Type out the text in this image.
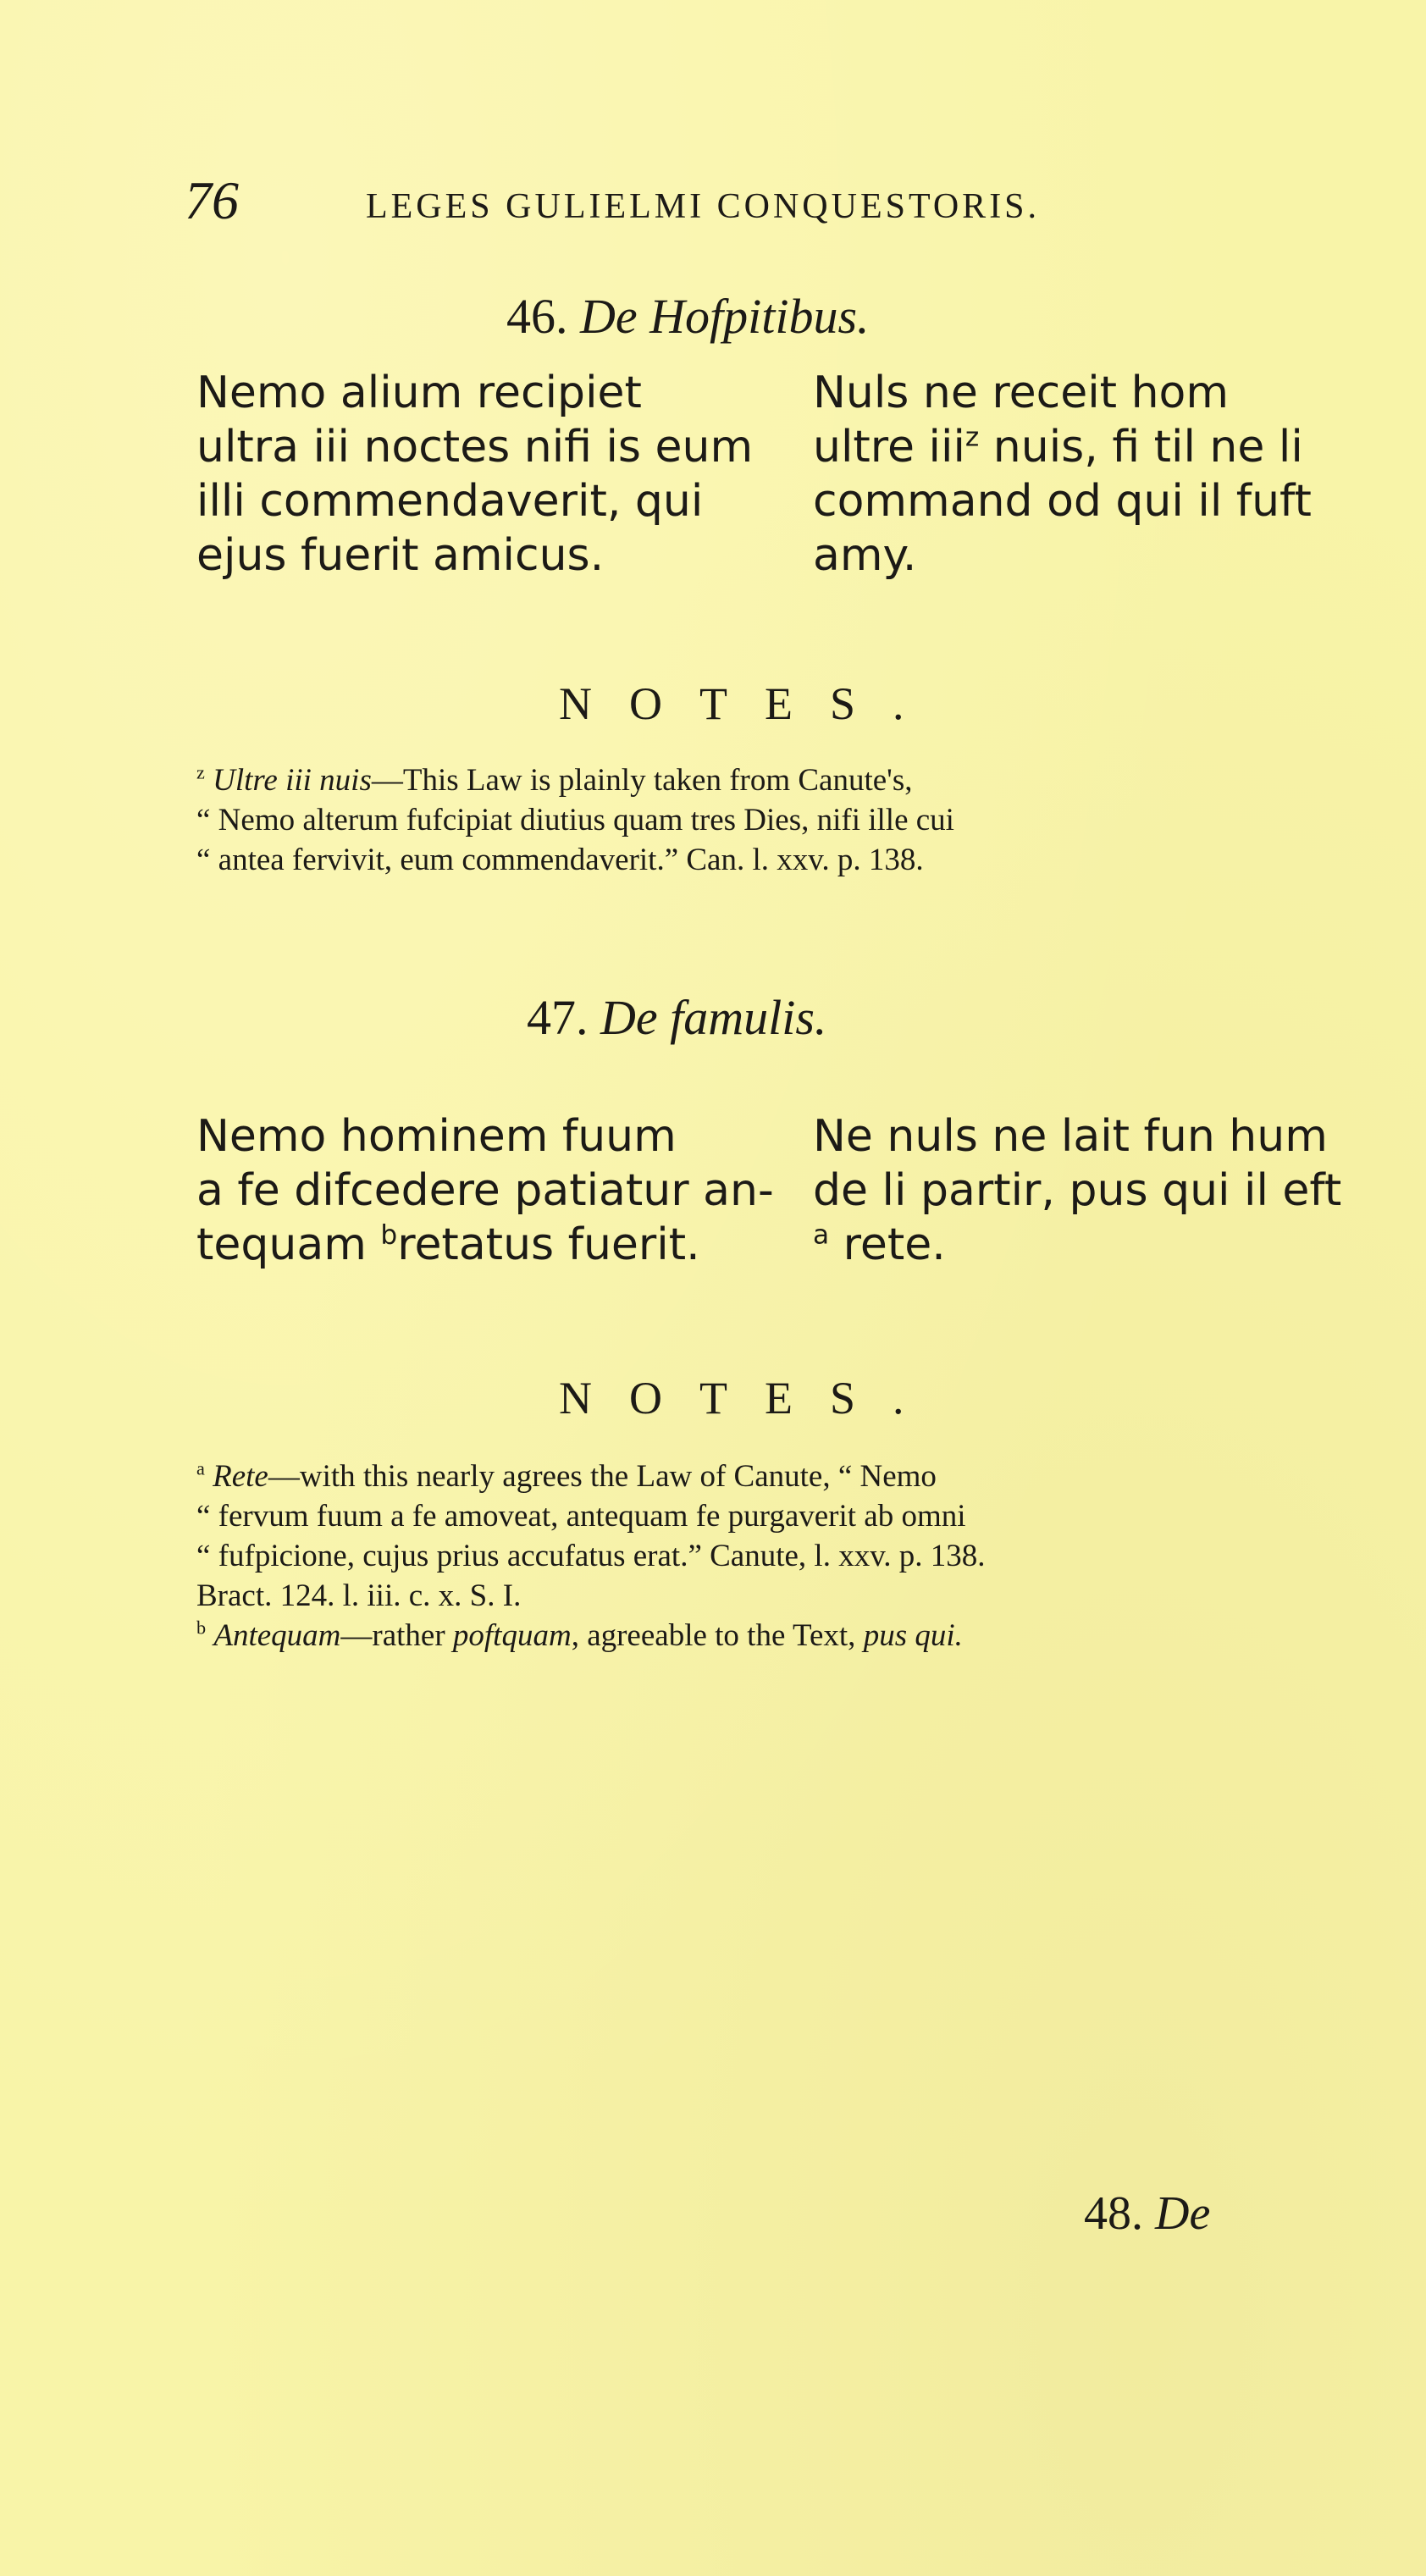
76	LEGES GULIELMI CONQUESTORIS.
46. De Hofpitibus.
Nemo alium recipiet
ultra iii noctes nifi is eum
illi commendaverit, qui
ejus fuerit amicus.
Nuls ne receit hom
ultre iii$^z$ nuis, fi til ne li
command od qui il fuft
amy.
NOTES.
$^z$ Ultre iii nuis—This Law is plainly taken from Canute's,
“ Nemo alterum fufcipiat diutius quam tres Dies, nifi ille cui
“ antea fervivit, eum commendaverit.” Can. l. xxv. p. 138.
47. De famulis.
Nemo hominem fuum
a fe difcedere patiatur an-
tequam $^b$retatus fuerit.
Ne nuls ne lait fun hum
de li partir, pus qui il eft
$^a$ rete.
NOTES.
$^a$ Rete—with this nearly agrees the Law of Canute, “ Nemo
“ fervum fuum a fe amoveat, antequam fe purgaverit ab omni
“ fufpicione, cujus prius accufatus erat.” Canute, l. xxv. p. 138.
Bract. 124. l. iii. c. x. S. I.
$^b$ Antequam—rather poftquam, agreeable to the Text, pus qui.
48. De
